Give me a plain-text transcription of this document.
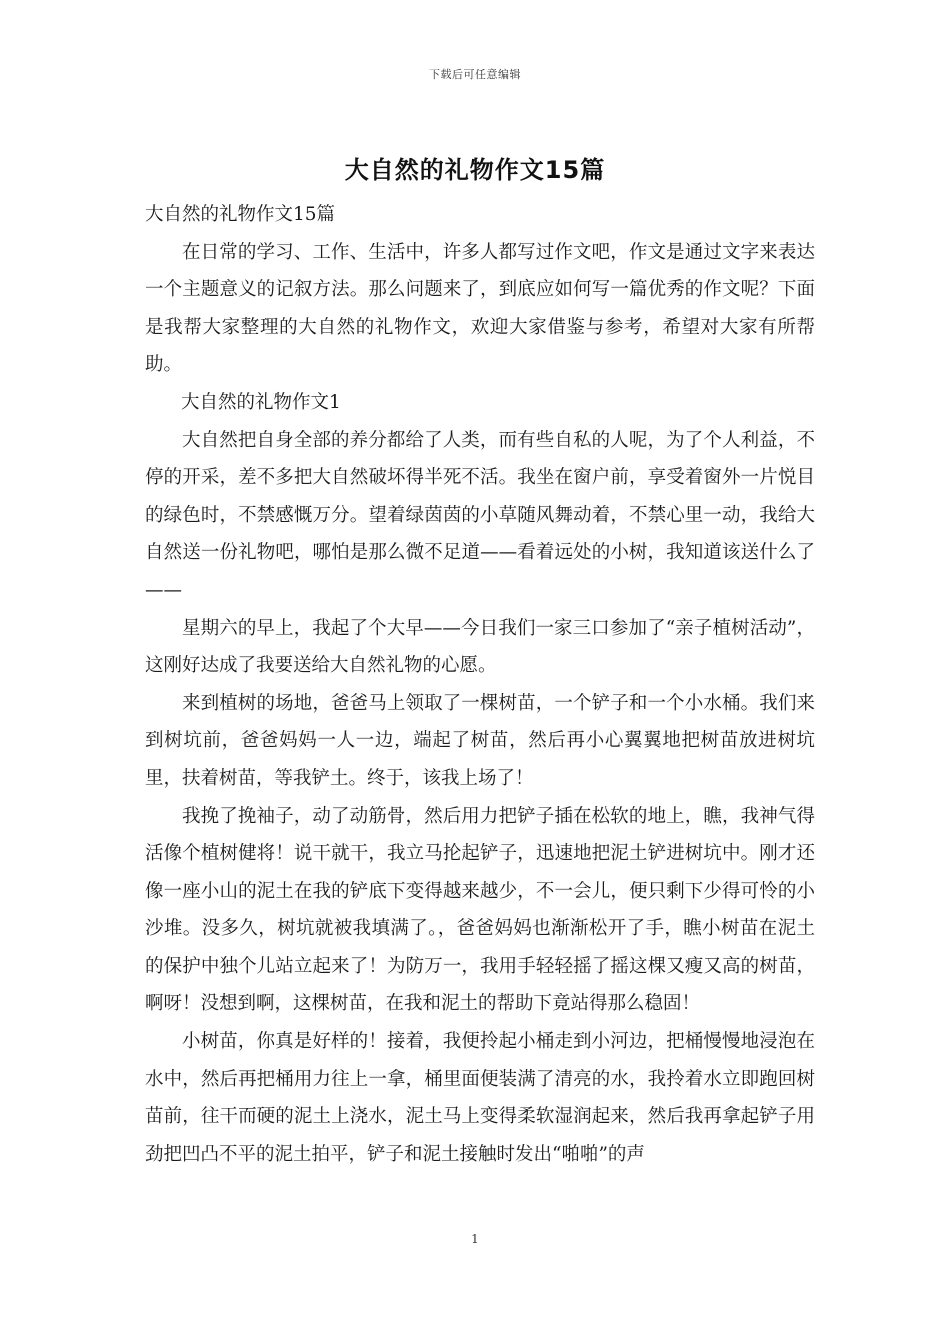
下载后可任意编辑
大自然的礼物作文15篇

大自然的礼物作文15篇

在日常的学习、工作、生活中，许多人都写过作文吧，作文是通过文字来表达一个主题意义的记叙方法。那么问题来了，到底应如何写一篇优秀的作文呢？下面是我帮大家整理的大自然的礼物作文，欢迎大家借鉴与参考，希望对大家有所帮助。

大自然的礼物作文1

大自然把自身全部的养分都给了人类，而有些自私的人呢，为了个人利益，不停的开采，差不多把大自然破坏得半死不活。我坐在窗户前，享受着窗外一片悦目的绿色时，不禁感慨万分。望着绿茵茵的小草随风舞动着，不禁心里一动，我给大自然送一份礼物吧，哪怕是那么微不足道——看着远处的小树，我知道该送什么了——

星期六的早上，我起了个大早——今日我们一家三口参加了“亲子植树活动”，这刚好达成了我要送给大自然礼物的心愿。

来到植树的场地，爸爸马上领取了一棵树苗，一个铲子和一个小水桶。我们来到树坑前，爸爸妈妈一人一边，端起了树苗，然后再小心翼翼地把树苗放进树坑里，扶着树苗，等我铲土。终于，该我上场了！

我挽了挽袖子，动了动筋骨，然后用力把铲子插在松软的地上，瞧，我神气得活像个植树健将！说干就干，我立马抡起铲子，迅速地把泥土铲进树坑中。刚才还像一座小山的泥土在我的铲底下变得越来越少，不一会儿，便只剩下少得可怜的小沙堆。没多久，树坑就被我填满了。，爸爸妈妈也渐渐松开了手，瞧小树苗在泥土的保护中独个儿站立起来了！为防万一，我用手轻轻摇了摇这棵又瘦又高的树苗，啊呀！没想到啊，这棵树苗，在我和泥土的帮助下竟站得那么稳固！

小树苗，你真是好样的！接着，我便拎起小桶走到小河边，把桶慢慢地浸泡在水中，然后再把桶用力往上一拿，桶里面便装满了清亮的水，我拎着水立即跑回树苗前，往干而硬的泥土上浇水，泥土马上变得柔软湿润起来，然后我再拿起铲子用劲把凹凸不平的泥土拍平，铲子和泥土接触时发出“啪啪”的声

1
